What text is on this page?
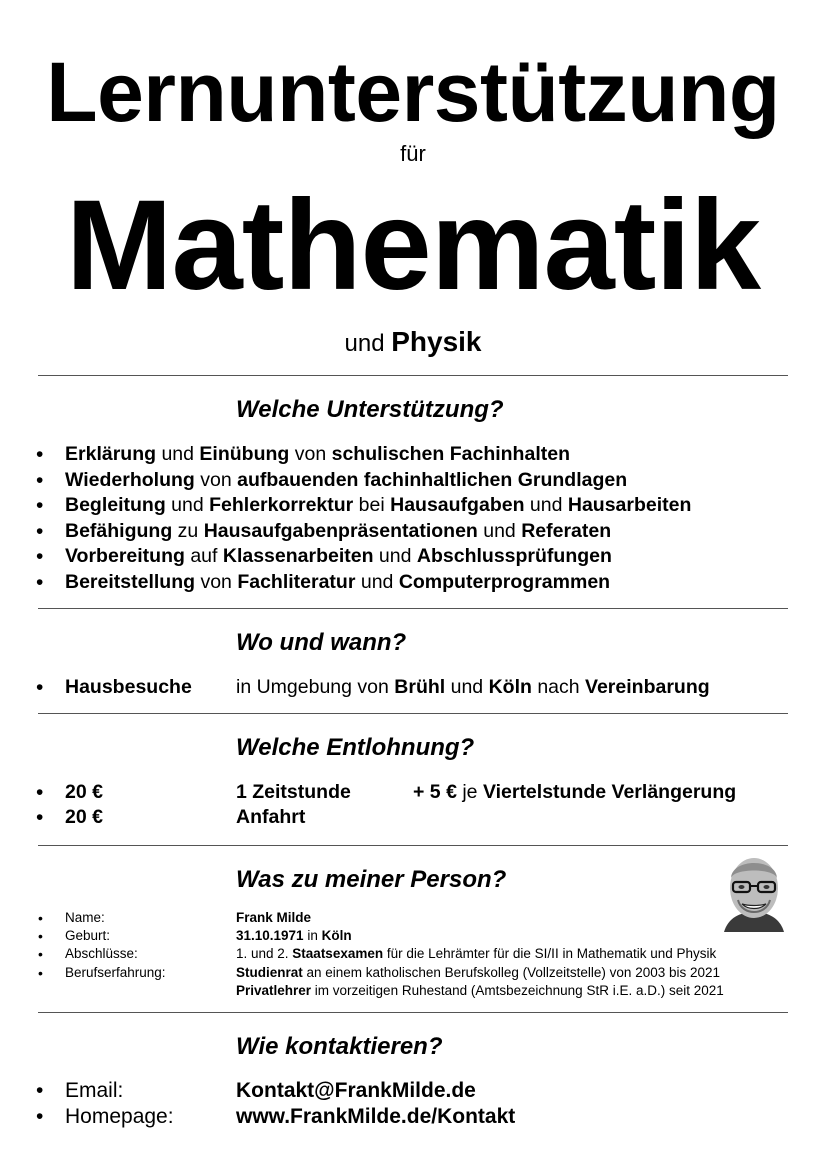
Lernunterstützung
für
Mathematik
und Physik
Welche Unterstützung?
• Erklärung und Einübung von schulischen Fachinhalten
• Wiederholung von aufbauenden fachinhaltlichen Grundlagen
• Begleitung und Fehlerkorrektur bei Hausaufgaben und Hausarbeiten
• Befähigung zu Hausaufgabenpräsentationen und Referaten
• Vorbereitung auf Klassenarbeiten und Abschlussprüfungen
• Bereitstellung von Fachliteratur und Computerprogrammen
Wo und wann?
• Hausbesuche in Umgebung von Brühl und Köln nach Vereinbarung
Welche Entlohnung?
• 20 €	1 Zeitstunde	+ 5 € je Viertelstunde Verlängerung
• 20 €	Anfahrt
Was zu meiner Person?
• Name:	Frank Milde
• Geburt:	31.10.1971 in Köln
• Abschlüsse:	1. und 2. Staatsexamen für die Lehrämter für die SI/II in Mathematik und Physik
• Berufserfahrung:	Studienrat an einem katholischen Berufskolleg (Vollzeitstelle) von 2003 bis 2021
Privatlehrer im vorzeitigen Ruhestand (Amtsbezeichnung StR i.E. a.D.) seit 2021
Wie kontaktieren?
• Email:	Kontakt@FrankMilde.de
• Homepage:	www.FrankMilde.de/Kontakt
